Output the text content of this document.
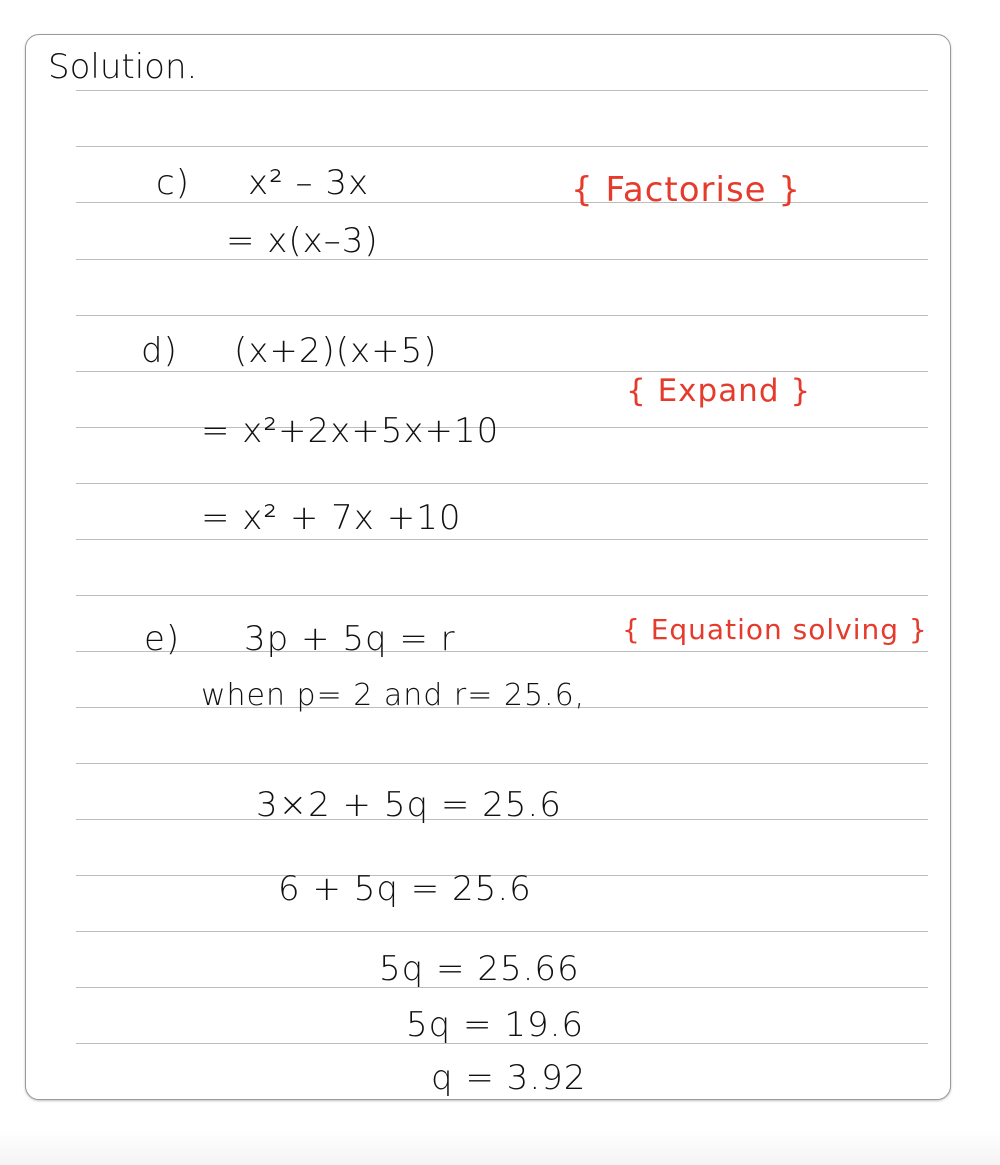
Solution.
c) x² – 3x
= x(x–3)
{ Factorise }
d) (x+2)(x+5)
= x²+2x+5x+10
= x² + 7x +10
{ Expand }
e) 3p + 5q = r	{ Equation solving }
when p= 2 and r= 25.6,
3×2 + 5q = 25.6
6 + 5q = 25.6
5q = 25.66
5q = 19.6
q = 3.92
